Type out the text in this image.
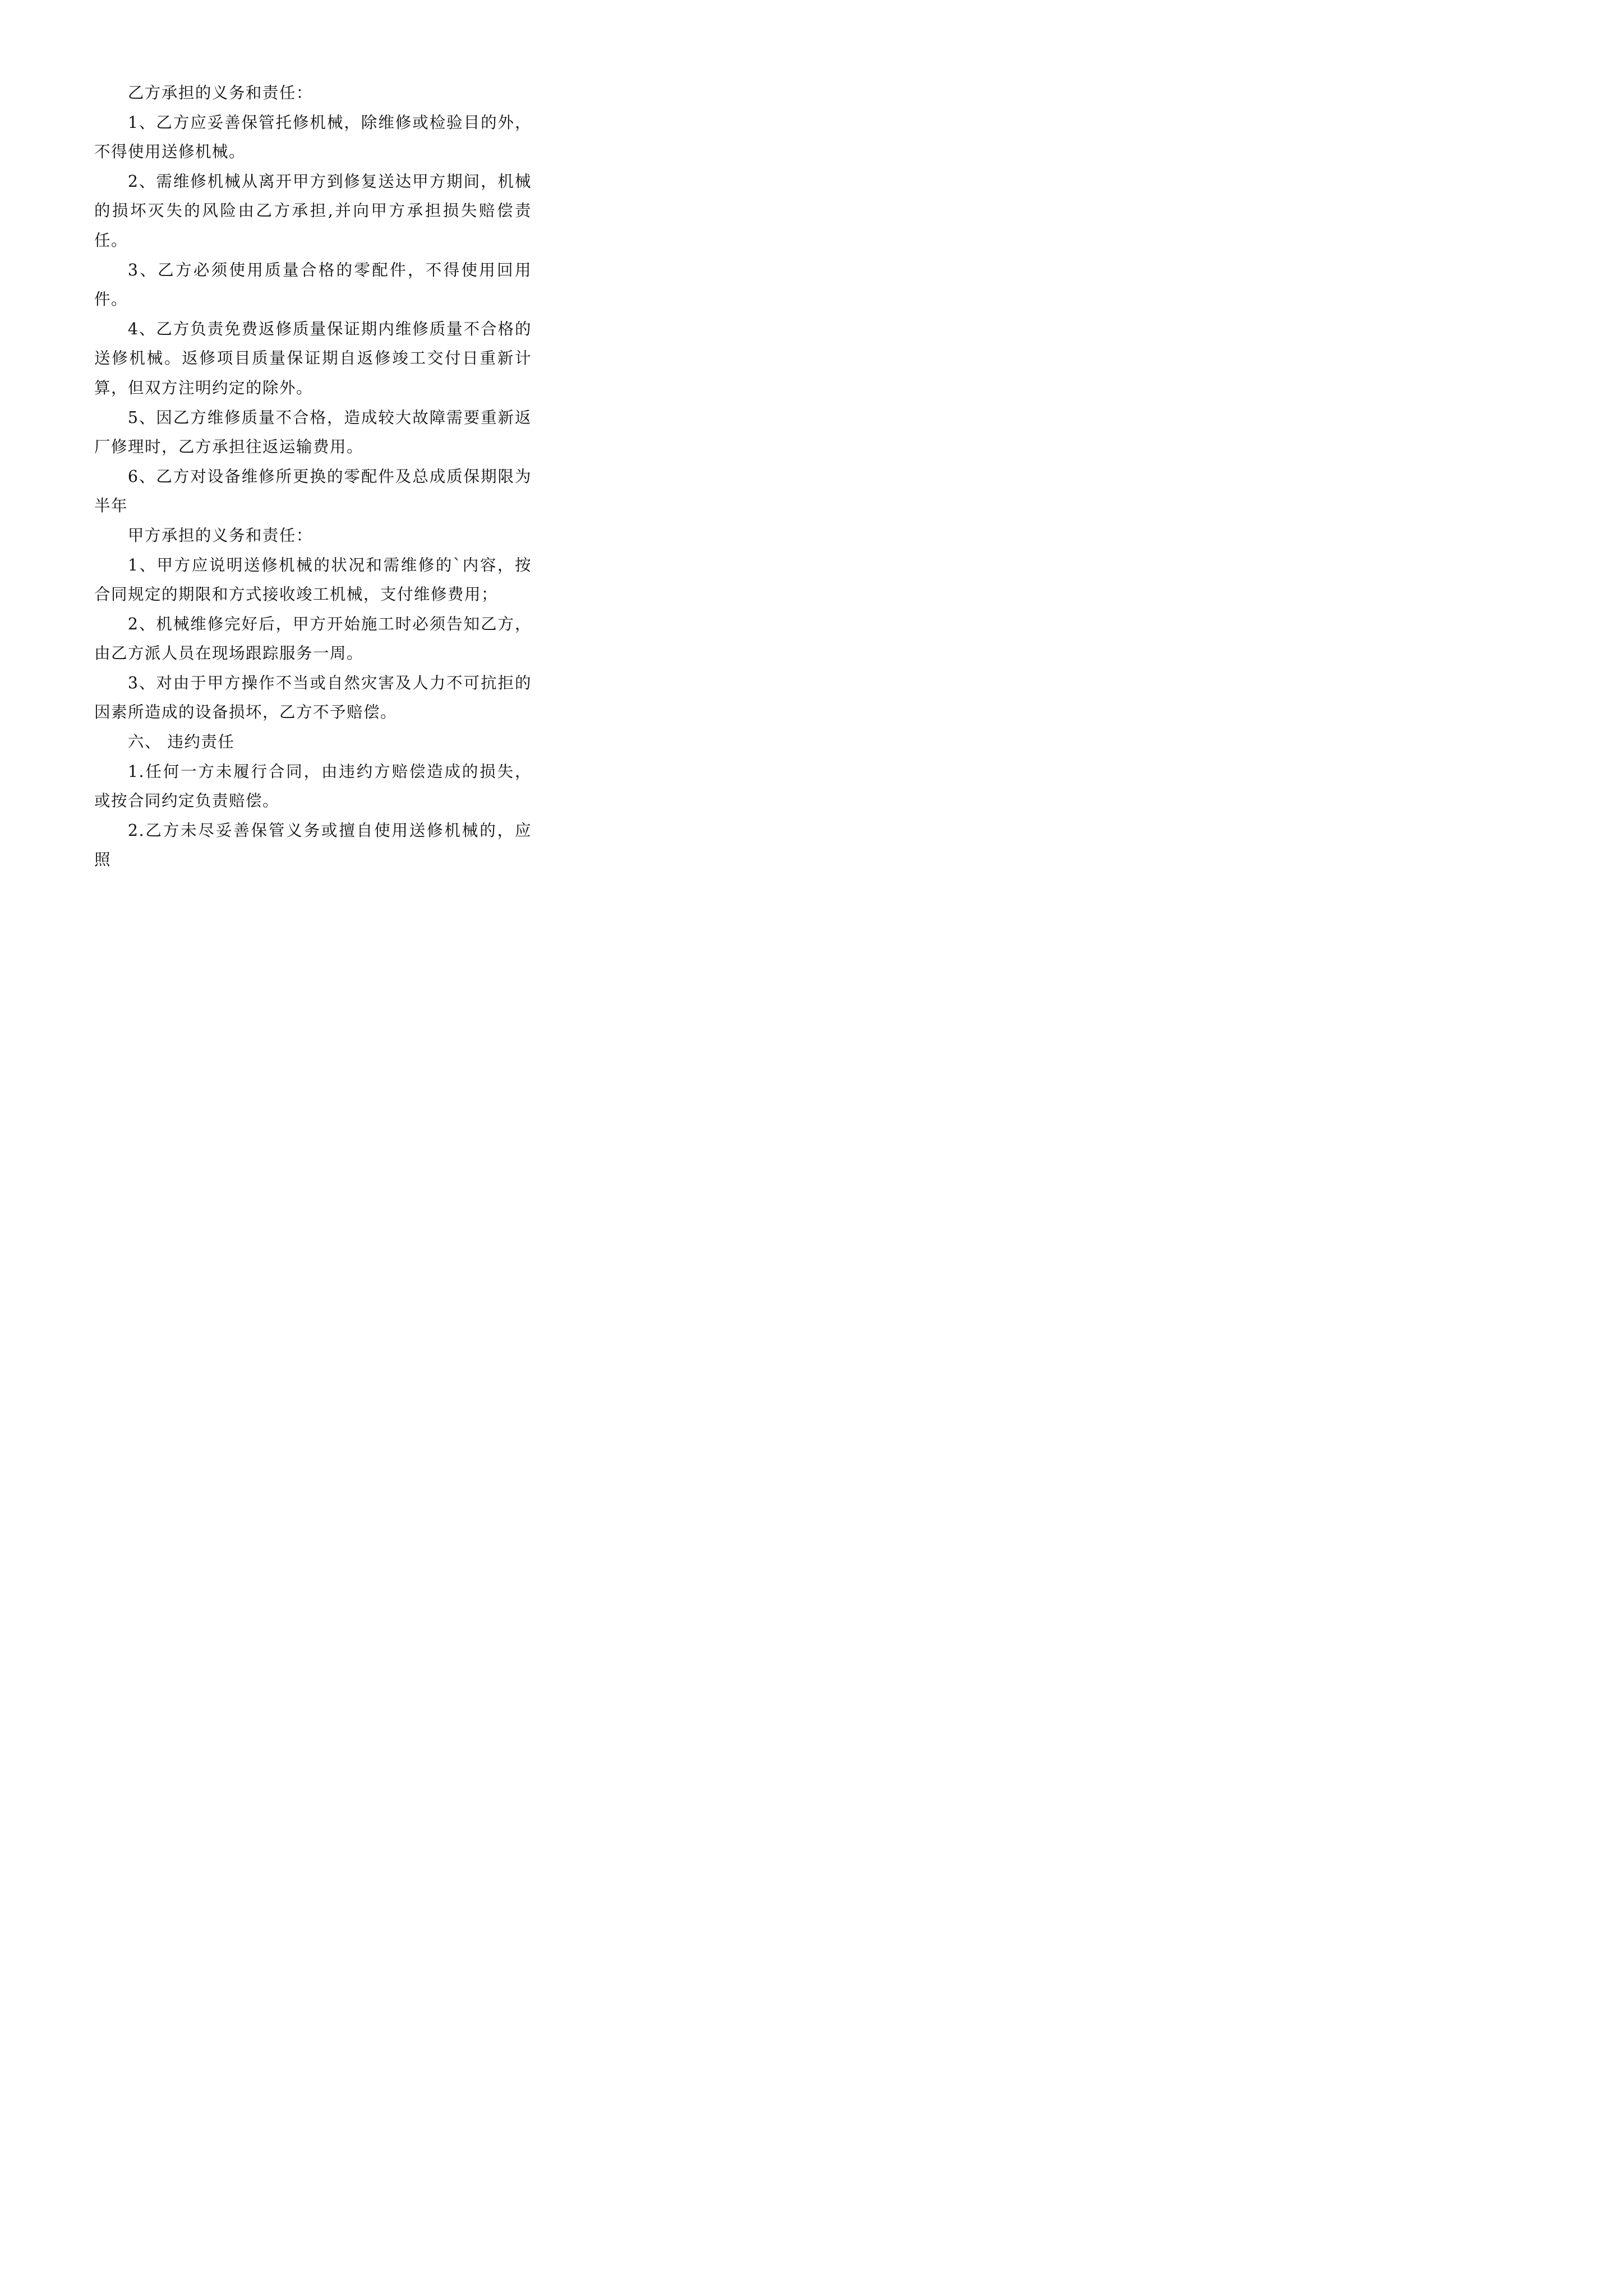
乙方承担的义务和责任：

1、乙方应妥善保管托修机械，除维修或检验目的外，不得使用送修机械。

2、需维修机械从离开甲方到修复送达甲方期间，机械的损坏灭失的风险由乙方承担,并向甲方承担损失赔偿责任。

3、乙方必须使用质量合格的零配件，不得使用回用件。

4、乙方负责免费返修质量保证期内维修质量不合格的送修机械。返修项目质量保证期自返修竣工交付日重新计算，但双方注明约定的除外。

5、因乙方维修质量不合格，造成较大故障需要重新返厂修理时，乙方承担往返运输费用。

6、乙方对设备维修所更换的零配件及总成质保期限为半年

甲方承担的义务和责任：

1、甲方应说明送修机械的状况和需维修的`内容，按合同规定的期限和方式接收竣工机械，支付维修费用；

2、机械维修完好后，甲方开始施工时必须告知乙方，由乙方派人员在现场跟踪服务一周。

3、对由于甲方操作不当或自然灾害及人力不可抗拒的因素所造成的设备损坏，乙方不予赔偿。

六、 违约责任

1.任何一方未履行合同，由违约方赔偿造成的损失，或按合同约定负责赔偿。

2.乙方未尽妥善保管义务或擅自使用送修机械的，应照
